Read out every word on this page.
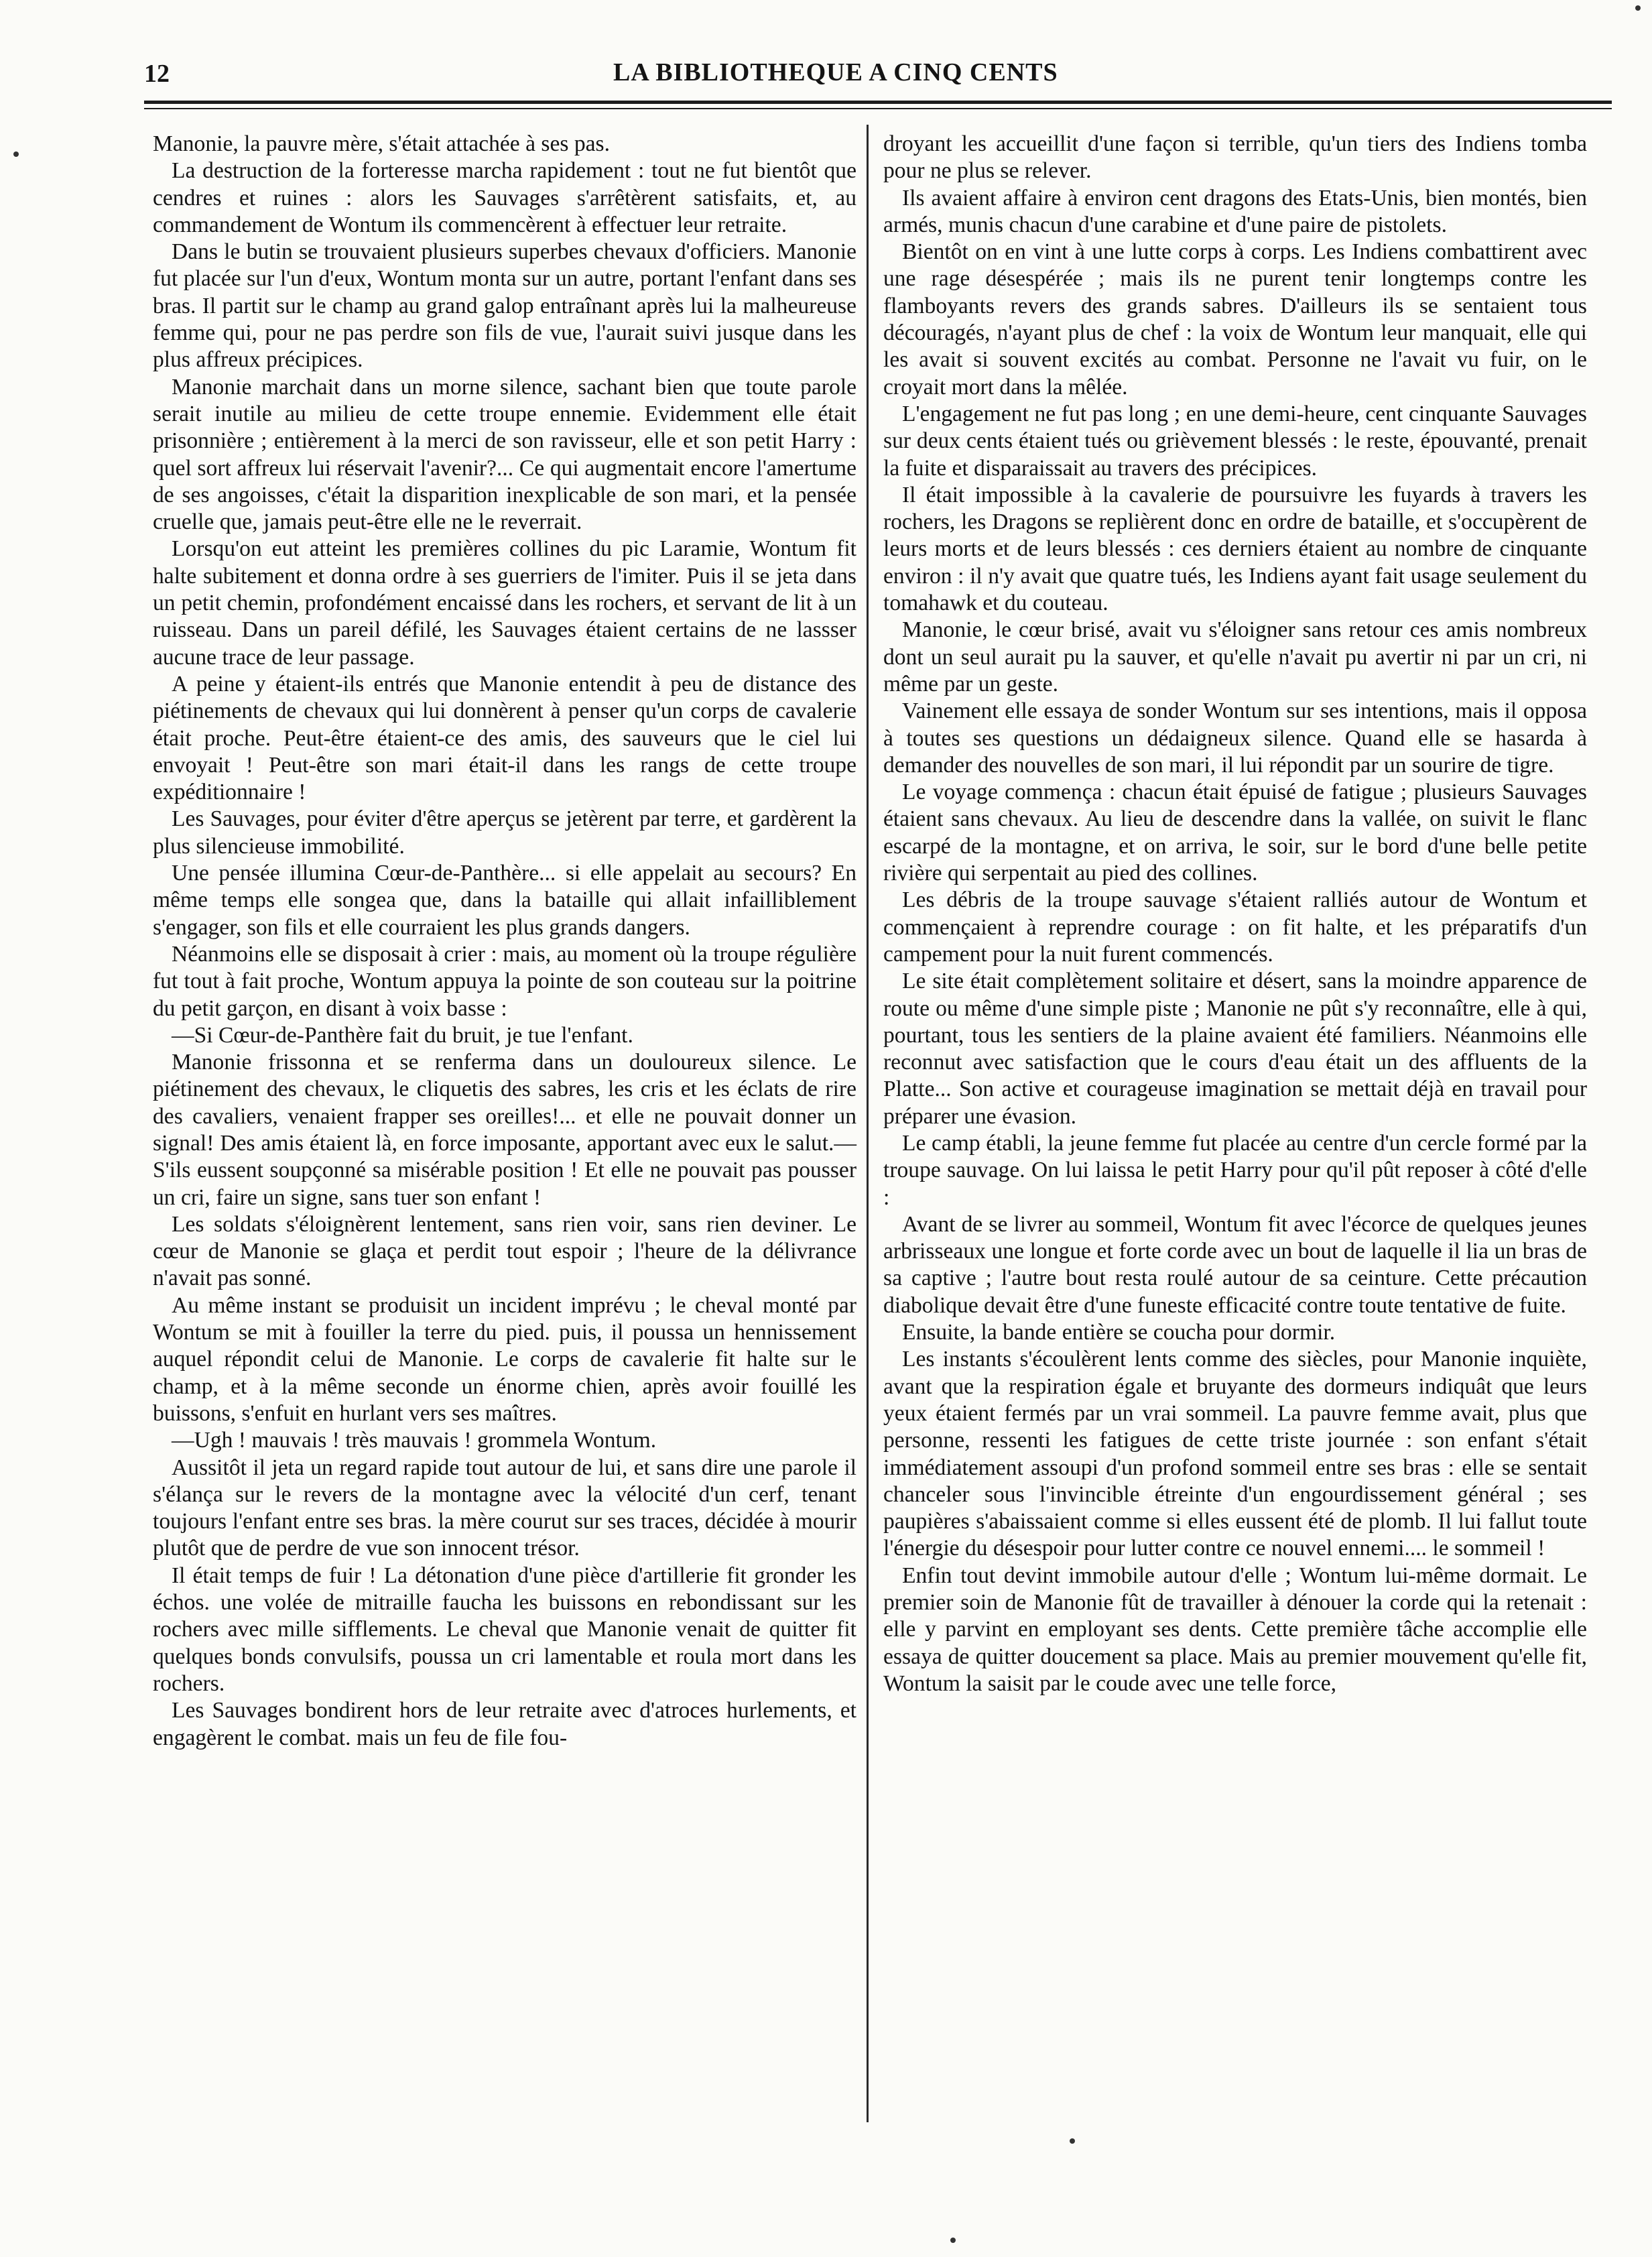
12	LA BIBLIOTHEQUE A CINQ CENTS

Manonie, la pauvre mère, s'était attachée à ses pas.

La destruction de la forteresse marcha rapidement : tout ne fut bientôt que cendres et ruines : alors les Sauvages s'arrêtèrent satisfaits, et, au commandement de Wontum ils commencèrent à effectuer leur retraite.

Dans le butin se trouvaient plusieurs superbes chevaux d'officiers. Manonie fut placée sur l'un d'eux, Wontum monta sur un autre, portant l'enfant dans ses bras. Il partit sur le champ au grand galop entraînant après lui la malheureuse femme qui, pour ne pas perdre son fils de vue, l'aurait suivi jusque dans les plus affreux précipices.

Manonie marchait dans un morne silence, sachant bien que toute parole serait inutile au milieu de cette troupe ennemie. Evidemment elle était prisonnière ; entièrement à la merci de son ravisseur, elle et son petit Harry : quel sort affreux lui réservait l'avenir?... Ce qui augmentait encore l'amertume de ses angoisses, c'était la disparition inexplicable de son mari, et la pensée cruelle que, jamais peut-être elle ne le reverrait.

Lorsqu'on eut atteint les premières collines du pic Laramie, Wontum fit halte subitement et donna ordre à ses guerriers de l'imiter. Puis il se jeta dans un petit chemin, profondément encaissé dans les rochers, et servant de lit à un ruisseau. Dans un pareil défilé, les Sauvages étaient certains de ne lassser aucune trace de leur passage.

A peine y étaient-ils entrés que Manonie entendit à peu de distance des piétinements de chevaux qui lui donnèrent à penser qu'un corps de cavalerie était proche. Peut-être étaient-ce des amis, des sauveurs que le ciel lui envoyait ! Peut-être son mari était-il dans les rangs de cette troupe expéditionnaire !

Les Sauvages, pour éviter d'être aperçus se jetèrent par terre, et gardèrent la plus silencieuse immobilité.

Une pensée illumina Cœur-de-Panthère... si elle appelait au secours? En même temps elle songea que, dans la bataille qui allait infailliblement s'engager, son fils et elle courraient les plus grands dangers.

Néanmoins elle se disposait à crier : mais, au moment où la troupe régulière fut tout à fait proche, Wontum appuya la pointe de son couteau sur la poitrine du petit garçon, en disant à voix basse :

—Si Cœur-de-Panthère fait du bruit, je tue l'enfant.

Manonie frissonna et se renferma dans un douloureux silence. Le piétinement des chevaux, le cliquetis des sabres, les cris et les éclats de rire des cavaliers, venaient frapper ses oreilles!... et elle ne pouvait donner un signal! Des amis étaient là, en force imposante, apportant avec eux le salut.— S'ils eussent soupçonné sa misérable position ! Et elle ne pouvait pas pousser un cri, faire un signe, sans tuer son enfant !

Les soldats s'éloignèrent lentement, sans rien voir, sans rien deviner. Le cœur de Manonie se glaça et perdit tout espoir ; l'heure de la délivrance n'avait pas sonné.

Au même instant se produisit un incident imprévu ; le cheval monté par Wontum se mit à fouiller la terre du pied. puis, il poussa un hennissement auquel répondit celui de Manonie. Le corps de cavalerie fit halte sur le champ, et à la même seconde un énorme chien, après avoir fouillé les buissons, s'enfuit en hurlant vers ses maîtres.

—Ugh ! mauvais ! très mauvais ! grommela Wontum.

Aussitôt il jeta un regard rapide tout autour de lui, et sans dire une parole il s'élança sur le revers de la montagne avec la vélocité d'un cerf, tenant toujours l'enfant entre ses bras. la mère courut sur ses traces, décidée à mourir plutôt que de perdre de vue son innocent trésor.

Il était temps de fuir ! La détonation d'une pièce d'artillerie fit gronder les échos. une volée de mitraille faucha les buissons en rebondissant sur les rochers avec mille sifflements. Le cheval que Manonie venait de quitter fit quelques bonds convulsifs, poussa un cri lamentable et roula mort dans les rochers.

Les Sauvages bondirent hors de leur retraite avec d'atroces hurlements, et engagèrent le combat. mais un feu de file fou-

droyant les accueillit d'une façon si terrible, qu'un tiers des Indiens tomba pour ne plus se relever.

Ils avaient affaire à environ cent dragons des Etats-Unis, bien montés, bien armés, munis chacun d'une carabine et d'une paire de pistolets.

Bientôt on en vint à une lutte corps à corps. Les Indiens combattirent avec une rage désespérée ; mais ils ne purent tenir longtemps contre les flamboyants revers des grands sabres. D'ailleurs ils se sentaient tous découragés, n'ayant plus de chef : la voix de Wontum leur manquait, elle qui les avait si souvent excités au combat. Personne ne l'avait vu fuir, on le croyait mort dans la mêlée.

L'engagement ne fut pas long ; en une demi-heure, cent cinquante Sauvages sur deux cents étaient tués ou grièvement blessés : le reste, épouvanté, prenait la fuite et disparaissait au travers des précipices.

Il était impossible à la cavalerie de poursuivre les fuyards à travers les rochers, les Dragons se replièrent donc en ordre de bataille, et s'occupèrent de leurs morts et de leurs blessés : ces derniers étaient au nombre de cinquante environ : il n'y avait que quatre tués, les Indiens ayant fait usage seulement du tomahawk et du couteau.

Manonie, le cœur brisé, avait vu s'éloigner sans retour ces amis nombreux dont un seul aurait pu la sauver, et qu'elle n'avait pu avertir ni par un cri, ni même par un geste.

Vainement elle essaya de sonder Wontum sur ses intentions, mais il opposa à toutes ses questions un dédaigneux silence. Quand elle se hasarda à demander des nouvelles de son mari, il lui répondit par un sourire de tigre.

Le voyage commença : chacun était épuisé de fatigue ; plusieurs Sauvages étaient sans chevaux. Au lieu de descendre dans la vallée, on suivit le flanc escarpé de la montagne, et on arriva, le soir, sur le bord d'une belle petite rivière qui serpentait au pied des collines.

Les débris de la troupe sauvage s'étaient ralliés autour de Wontum et commençaient à reprendre courage : on fit halte, et les préparatifs d'un campement pour la nuit furent commencés.

Le site était complètement solitaire et désert, sans la moindre apparence de route ou même d'une simple piste ; Manonie ne pût s'y reconnaître, elle à qui, pourtant, tous les sentiers de la plaine avaient été familiers. Néanmoins elle reconnut avec satisfaction que le cours d'eau était un des affluents de la Platte... Son active et courageuse imagination se mettait déjà en travail pour préparer une évasion.

Le camp établi, la jeune femme fut placée au centre d'un cercle formé par la troupe sauvage. On lui laissa le petit Harry pour qu'il pût reposer à côté d'elle :

Avant de se livrer au sommeil, Wontum fit avec l'écorce de quelques jeunes arbrisseaux une longue et forte corde avec un bout de laquelle il lia un bras de sa captive ; l'autre bout resta roulé autour de sa ceinture. Cette précaution diabolique devait être d'une funeste efficacité contre toute tentative de fuite.

Ensuite, la bande entière se coucha pour dormir.

Les instants s'écoulèrent lents comme des siècles, pour Manonie inquiète, avant que la respiration égale et bruyante des dormeurs indiquât que leurs yeux étaient fermés par un vrai sommeil. La pauvre femme avait, plus que personne, ressenti les fatigues de cette triste journée : son enfant s'était immédiatement assoupi d'un profond sommeil entre ses bras : elle se sentait chanceler sous l'invincible étreinte d'un engourdissement général ; ses paupières s'abaissaient comme si elles eussent été de plomb. Il lui fallut toute l'énergie du désespoir pour lutter contre ce nouvel ennemi.... le sommeil !

Enfin tout devint immobile autour d'elle ; Wontum lui-même dormait. Le premier soin de Manonie fût de travailler à dénouer la corde qui la retenait : elle y parvint en employant ses dents. Cette première tâche accomplie elle essaya de quitter doucement sa place. Mais au premier mouvement qu'elle fit, Wontum la saisit par le coude avec une telle force,
